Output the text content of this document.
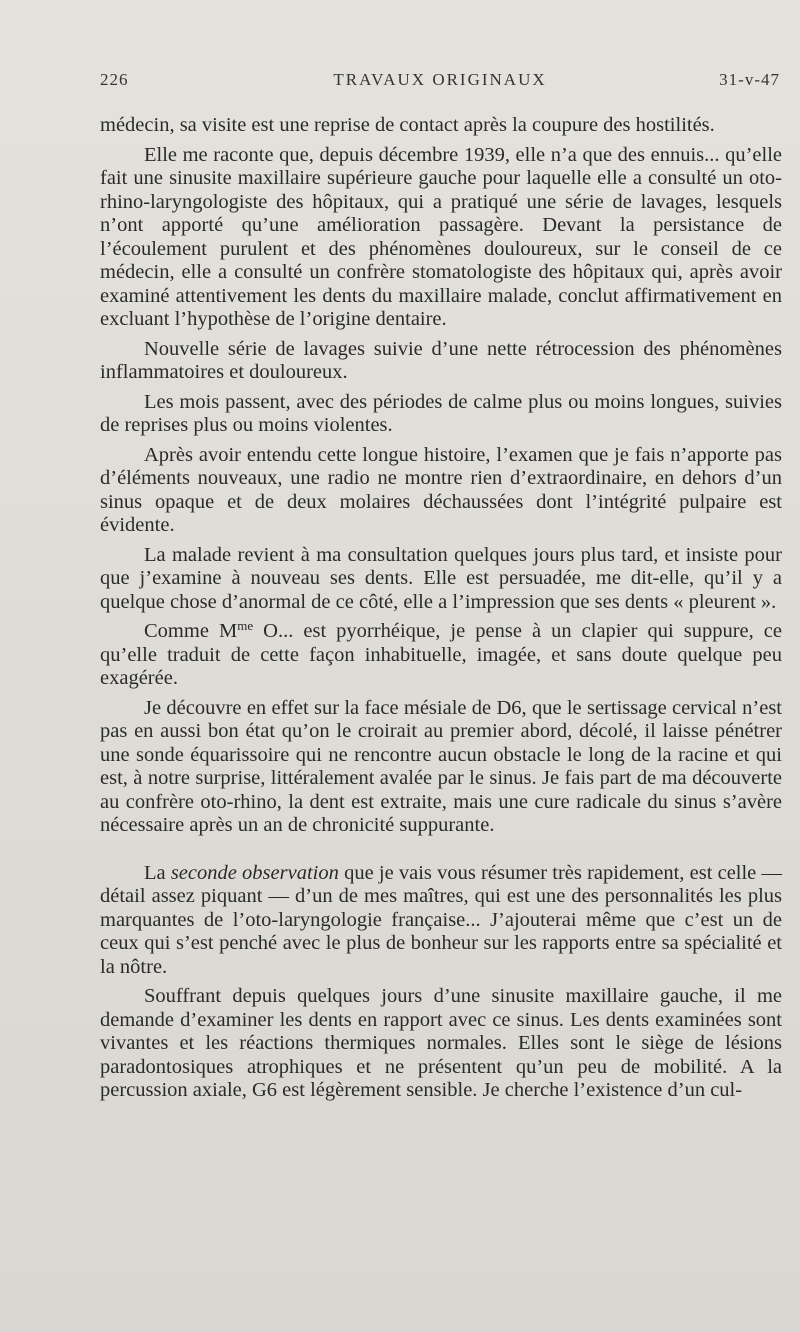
226	TRAVAUX ORIGINAUX	31-v-47

médecin, sa visite est une reprise de contact après la coupure des hostilités.

Elle me raconte que, depuis décembre 1939, elle n’a que des ennuis... qu’elle fait une sinusite maxillaire supérieure gauche pour laquelle elle a consulté un oto-rhino-laryngologiste des hôpitaux, qui a pratiqué une série de lavages, lesquels n’ont apporté qu’une amélioration passagère. Devant la persistance de l’écoulement purulent et des phénomènes douloureux, sur le conseil de ce médecin, elle a consulté un confrère stomatologiste des hôpitaux qui, après avoir examiné attentivement les dents du maxillaire malade, conclut affirmativement en excluant l’hypothèse de l’origine dentaire.

Nouvelle série de lavages suivie d’une nette rétrocession des phénomènes inflammatoires et douloureux.

Les mois passent, avec des périodes de calme plus ou moins longues, suivies de reprises plus ou moins violentes.

Après avoir entendu cette longue histoire, l’examen que je fais n’apporte pas d’éléments nouveaux, une radio ne montre rien d’extraordinaire, en dehors d’un sinus opaque et de deux molaires déchaussées dont l’intégrité pulpaire est évidente.

La malade revient à ma consultation quelques jours plus tard, et insiste pour que j’examine à nouveau ses dents. Elle est persuadée, me dit-elle, qu’il y a quelque chose d’anormal de ce côté, elle a l’impression que ses dents « pleurent ».

Comme $M^{me}$ O... est pyorrhéique, je pense à un clapier qui suppure, ce qu’elle traduit de cette façon inhabituelle, imagée, et sans doute quelque peu exagérée.

Je découvre en effet sur la face mésiale de D6, que le sertissage cervical n’est pas en aussi bon état qu’on le croirait au premier abord, décolé, il laisse pénétrer une sonde équarissoire qui ne rencontre aucun obstacle le long de la racine et qui est, à notre surprise, littéralement avalée par le sinus. Je fais part de ma découverte au confrère oto-rhino, la dent est extraite, mais une cure radicale du sinus s’avère nécessaire après un an de chronicité suppurante.

La seconde observation que je vais vous résumer très rapidement, est celle — détail assez piquant — d’un de mes maîtres, qui est une des personnalités les plus marquantes de l’oto-laryngologie française... J’ajouterai même que c’est un de ceux qui s’est penché avec le plus de bonheur sur les rapports entre sa spécialité et la nôtre.

Souffrant depuis quelques jours d’une sinusite maxillaire gauche, il me demande d’examiner les dents en rapport avec ce sinus. Les dents examinées sont vivantes et les réactions thermiques normales. Elles sont le siège de lésions paradontosiques atrophiques et ne présentent qu’un peu de mobilité. A la percussion axiale, G6 est légèrement sensible. Je cherche l’existence d’un cul-
